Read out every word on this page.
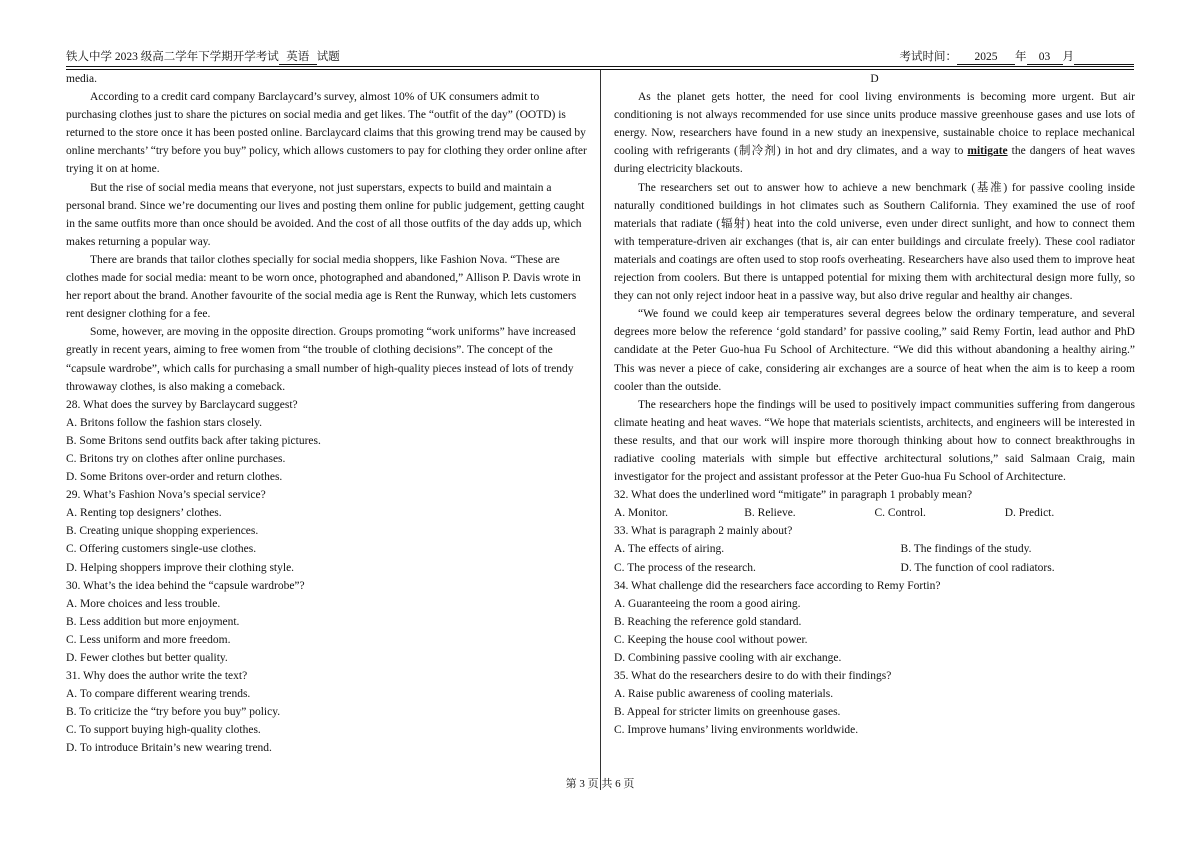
铁人中学 2023 级高二学年下学期开学考试 英语 试题	考试时间： 2025 年 03 月

media.

According to a credit card company Barclaycard’s survey, almost 10% of UK consumers admit to purchasing clothes just to share the pictures on social media and get likes. The “outfit of the day” (OOTD) is returned to the store once it has been posted online. Barclaycard claims that this growing trend may be caused by online merchants’ “try before you buy” policy, which allows customers to pay for clothing they order online after trying it on at home.

But the rise of social media means that everyone, not just superstars, expects to build and maintain a personal brand. Since we’re documenting our lives and posting them online for public judgement, getting caught in the same outfits more than once should be avoided. And the cost of all those outfits of the day adds up, which makes returning a popular way.

There are brands that tailor clothes specially for social media shoppers, like Fashion Nova. “These are clothes made for social media: meant to be worn once, photographed and abandoned,” Allison P. Davis wrote in her report about the brand. Another favourite of the social media age is Rent the Runway, which lets customers rent designer clothing for a fee.

Some, however, are moving in the opposite direction. Groups promoting “work uniforms” have increased greatly in recent years, aiming to free women from “the trouble of clothing decisions”. The concept of the “capsule wardrobe”, which calls for purchasing a small number of high-quality pieces instead of lots of trendy throwaway clothes, is also making a comeback.

28. What does the survey by Barclaycard suggest?

A. Britons follow the fashion stars closely.

B. Some Britons send outfits back after taking pictures.

C. Britons try on clothes after online purchases.

D. Some Britons over-order and return clothes.

29. What’s Fashion Nova’s special service?

A. Renting top designers’ clothes.

B. Creating unique shopping experiences.

C. Offering customers single-use clothes.

D. Helping shoppers improve their clothing style.

30. What’s the idea behind the “capsule wardrobe”?

A. More choices and less trouble.

B. Less addition but more enjoyment.

C. Less uniform and more freedom.

D. Fewer clothes but better quality.

31. Why does the author write the text?

A. To compare different wearing trends.

B. To criticize the “try before you buy” policy.

C. To support buying high-quality clothes.

D. To introduce Britain’s new wearing trend.

D

As the planet gets hotter, the need for cool living environments is becoming more urgent. But air conditioning is not always recommended for use since units produce massive greenhouse gases and use lots of energy. Now, researchers have found in a new study an inexpensive, sustainable choice to replace mechanical cooling with refrigerants (制冷剂) in hot and dry climates, and a way to mitigate the dangers of heat waves during electricity blackouts.

The researchers set out to answer how to achieve a new benchmark (基准) for passive cooling inside naturally conditioned buildings in hot climates such as Southern California. They examined the use of roof materials that radiate (辐射) heat into the cold universe, even under direct sunlight, and how to connect them with temperature-driven air exchanges (that is, air can enter buildings and circulate freely). These cool radiator materials and coatings are often used to stop roofs overheating. Researchers have also used them to improve heat rejection from coolers. But there is untapped potential for mixing them with architectural design more fully, so they can not only reject indoor heat in a passive way, but also drive regular and healthy air changes.

“We found we could keep air temperatures several degrees below the ordinary temperature, and several degrees more below the reference ‘gold standard’ for passive cooling,” said Remy Fortin, lead author and PhD candidate at the Peter Guo-hua Fu School of Architecture. “We did this without abandoning a healthy airing.” This was never a piece of cake, considering air exchanges are a source of heat when the aim is to keep a room cooler than the outside.

The researchers hope the findings will be used to positively impact communities suffering from dangerous climate heating and heat waves. “We hope that materials scientists, architects, and engineers will be interested in these results, and that our work will inspire more thorough thinking about how to connect breakthroughs in radiative cooling materials with simple but effective architectural solutions,” said Salmaan Craig, main investigator for the project and assistant professor at the Peter Guo-hua Fu School of Architecture.

32. What does the underlined word “mitigate” in paragraph 1 probably mean?

A. Monitor.	B. Relieve.	C. Control.	D. Predict.

33. What is paragraph 2 mainly about?

A. The effects of airing.	B. The findings of the study.
C. The process of the research.	D. The function of cool radiators.

34. What challenge did the researchers face according to Remy Fortin?

A. Guaranteeing the room a good airing.

B. Reaching the reference gold standard.

C. Keeping the house cool without power.

D. Combining passive cooling with air exchange.

35. What do the researchers desire to do with their findings?

A. Raise public awareness of cooling materials.

B. Appeal for stricter limits on greenhouse gases.

C. Improve humans’ living environments worldwide.

第 3 页 共 6 页
